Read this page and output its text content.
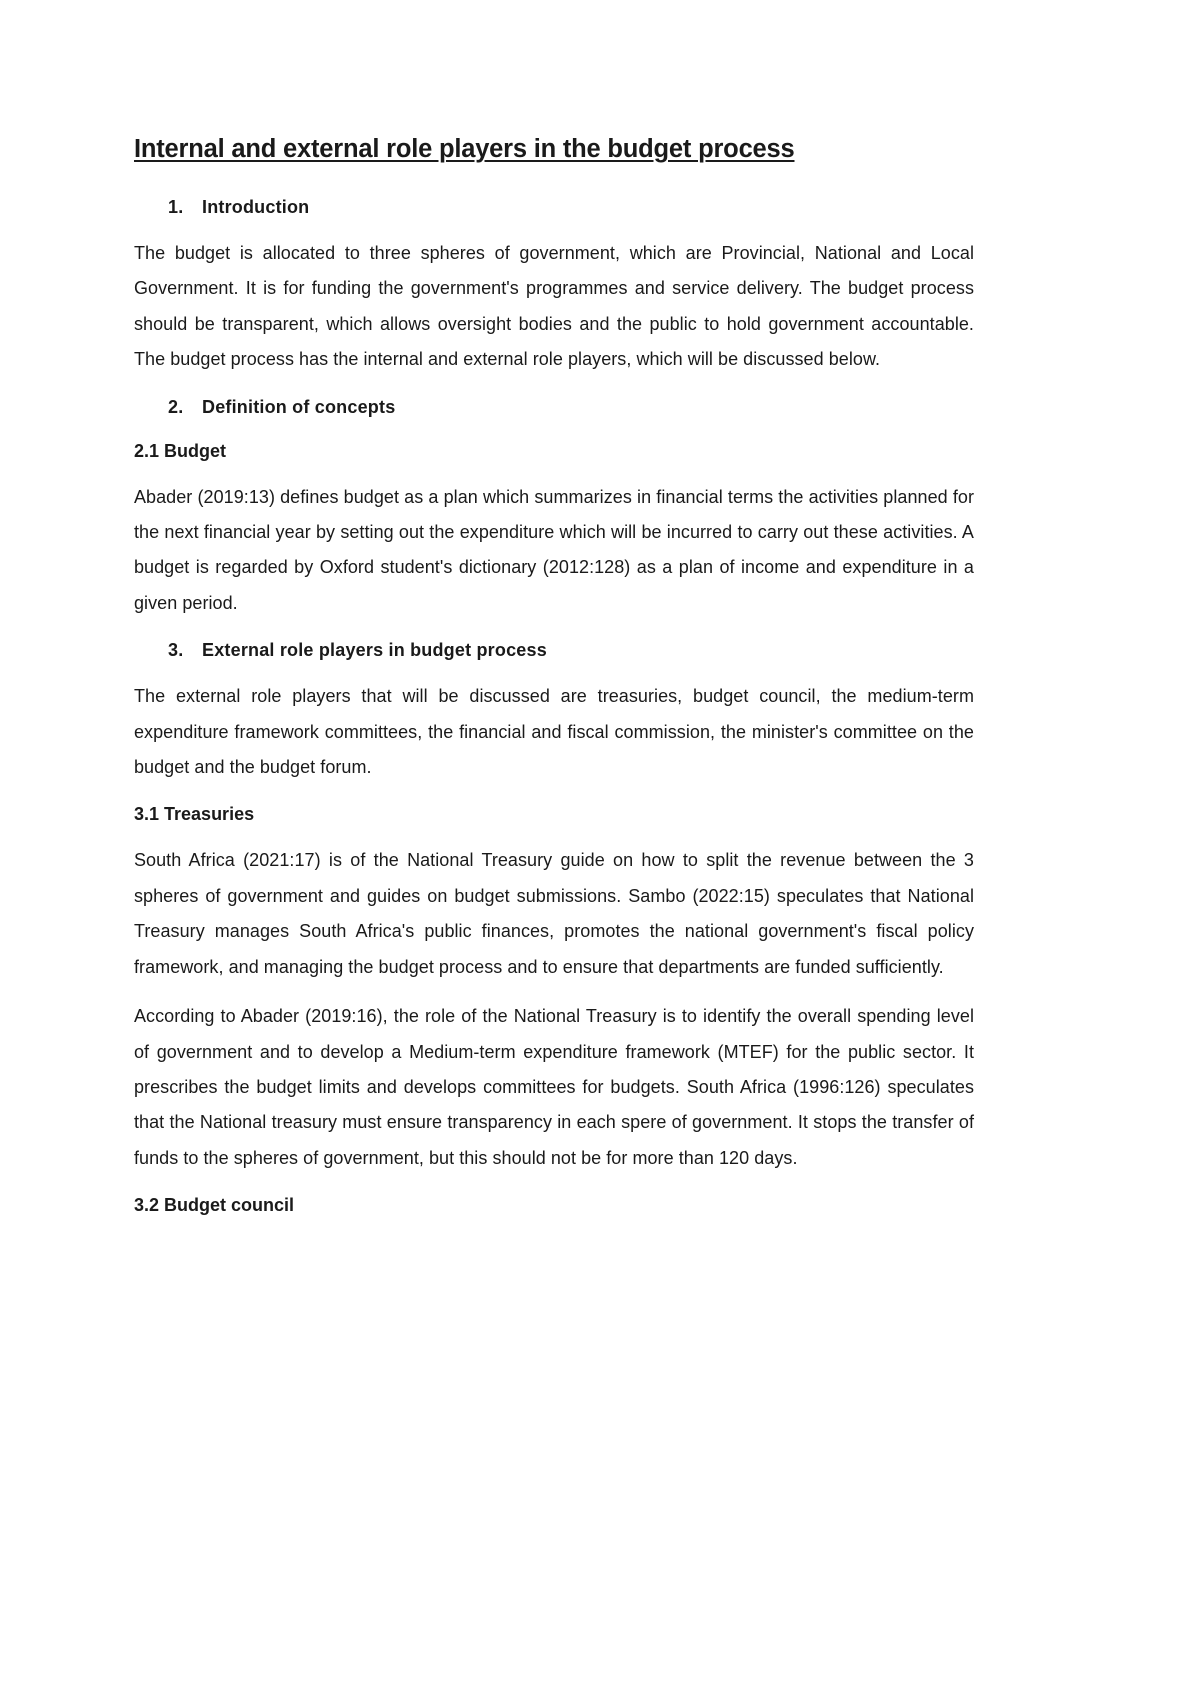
Internal and external role players in the budget process
1.	Introduction

The budget is allocated to three spheres of government, which are Provincial, National and Local Government. It is for funding the government's programmes and service delivery. The budget process should be transparent, which allows oversight bodies and the public to hold government accountable. The budget process has the internal and external role players, which will be discussed below.

2.	Definition of concepts
2.1 Budget

Abader (2019:13) defines budget as a plan which summarizes in financial terms the activities planned for the next financial year by setting out the expenditure which will be incurred to carry out these activities. A budget is regarded by Oxford student's dictionary (2012:128) as a plan of income and expenditure in a given period.

3.	External role players in budget process

The external role players that will be discussed are treasuries, budget council, the medium-term expenditure framework committees, the financial and fiscal commission, the minister's committee on the budget and the budget forum.

3.1 Treasuries

South Africa (2021:17) is of the National Treasury guide on how to split the revenue between the 3 spheres of government and guides on budget submissions. Sambo (2022:15) speculates that National Treasury manages South Africa's public finances, promotes the national government's fiscal policy framework, and managing the budget process and to ensure that departments are funded sufficiently.

According to Abader (2019:16), the role of the National Treasury is to identify the overall spending level of government and to develop a Medium-term expenditure framework (MTEF) for the public sector. It prescribes the budget limits and develops committees for budgets. South Africa (1996:126) speculates that the National treasury must ensure transparency in each spere of government. It stops the transfer of funds to the spheres of government, but this should not be for more than 120 days.

3.2 Budget council
